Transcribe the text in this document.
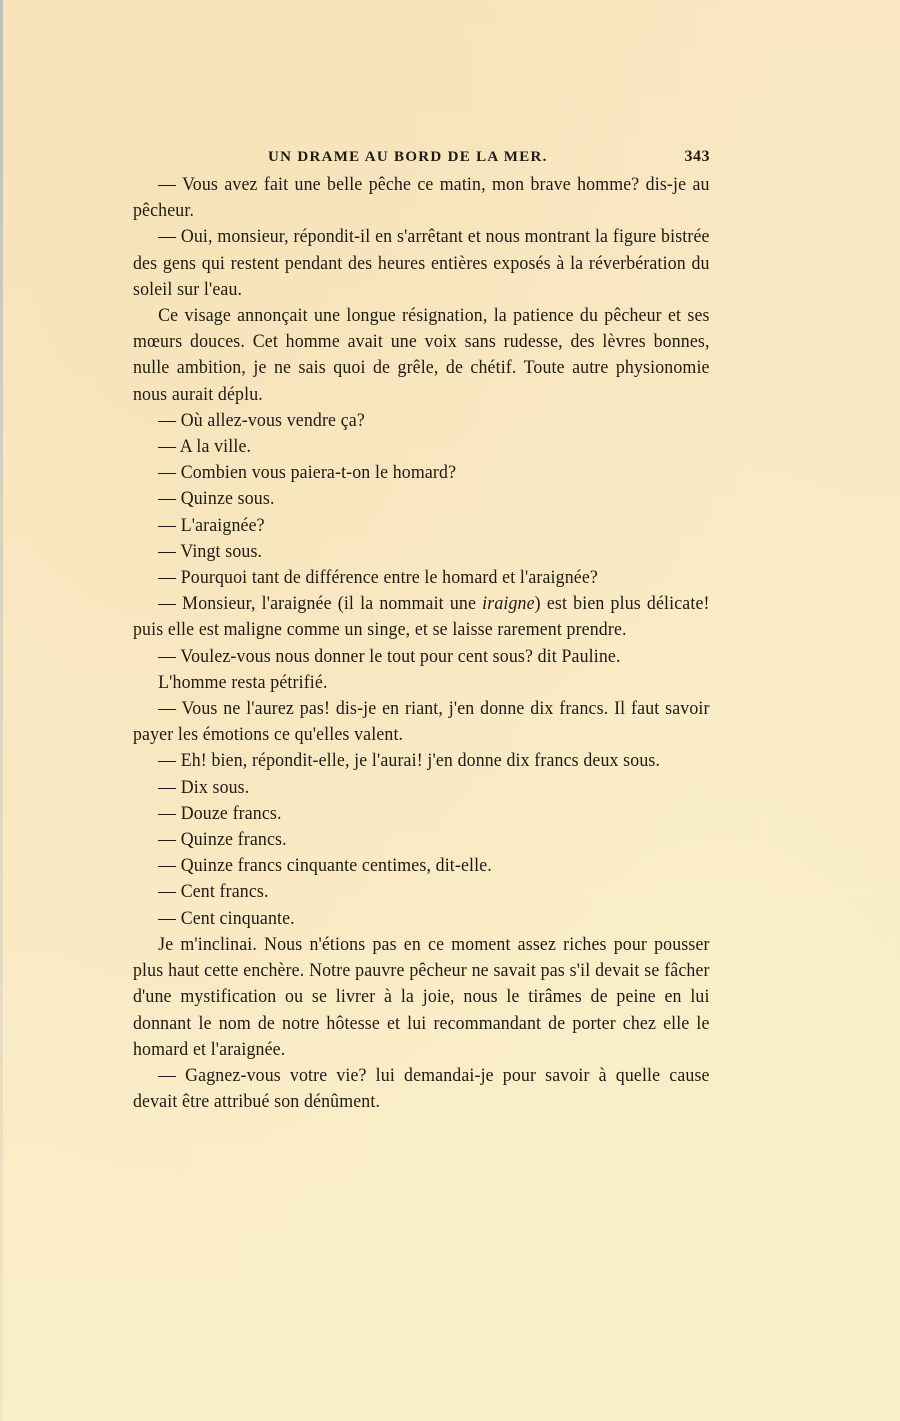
UN DRAME AU BORD DE LA MER.	343

— Vous avez fait une belle pêche ce matin, mon brave homme? dis-je au pêcheur.

— Oui, monsieur, répondit-il en s'arrêtant et nous montrant la figure bistrée des gens qui restent pendant des heures entières exposés à la réverbération du soleil sur l'eau.

Ce visage annonçait une longue résignation, la patience du pêcheur et ses mœurs douces. Cet homme avait une voix sans rudesse, des lèvres bonnes, nulle ambition, je ne sais quoi de grêle, de chétif. Toute autre physionomie nous aurait déplu.

— Où allez-vous vendre ça?

— A la ville.

— Combien vous paiera-t-on le homard?

— Quinze sous.

— L'araignée?

— Vingt sous.

— Pourquoi tant de différence entre le homard et l'araignée?

— Monsieur, l'araignée (il la nommait une iraigne) est bien plus délicate! puis elle est maligne comme un singe, et se laisse rarement prendre.

— Voulez-vous nous donner le tout pour cent sous? dit Pauline.

L'homme resta pétrifié.

— Vous ne l'aurez pas! dis-je en riant, j'en donne dix francs. Il faut savoir payer les émotions ce qu'elles valent.

— Eh! bien, répondit-elle, je l'aurai! j'en donne dix francs deux sous.

— Dix sous.

— Douze francs.

— Quinze francs.

— Quinze francs cinquante centimes, dit-elle.

— Cent francs.

— Cent cinquante.

Je m'inclinai. Nous n'étions pas en ce moment assez riches pour pousser plus haut cette enchère. Notre pauvre pêcheur ne savait pas s'il devait se fâcher d'une mystification ou se livrer à la joie, nous le tirâmes de peine en lui donnant le nom de notre hôtesse et lui recommandant de porter chez elle le homard et l'araignée.

— Gagnez-vous votre vie? lui demandai-je pour savoir à quelle cause devait être attribué son dénûment.
